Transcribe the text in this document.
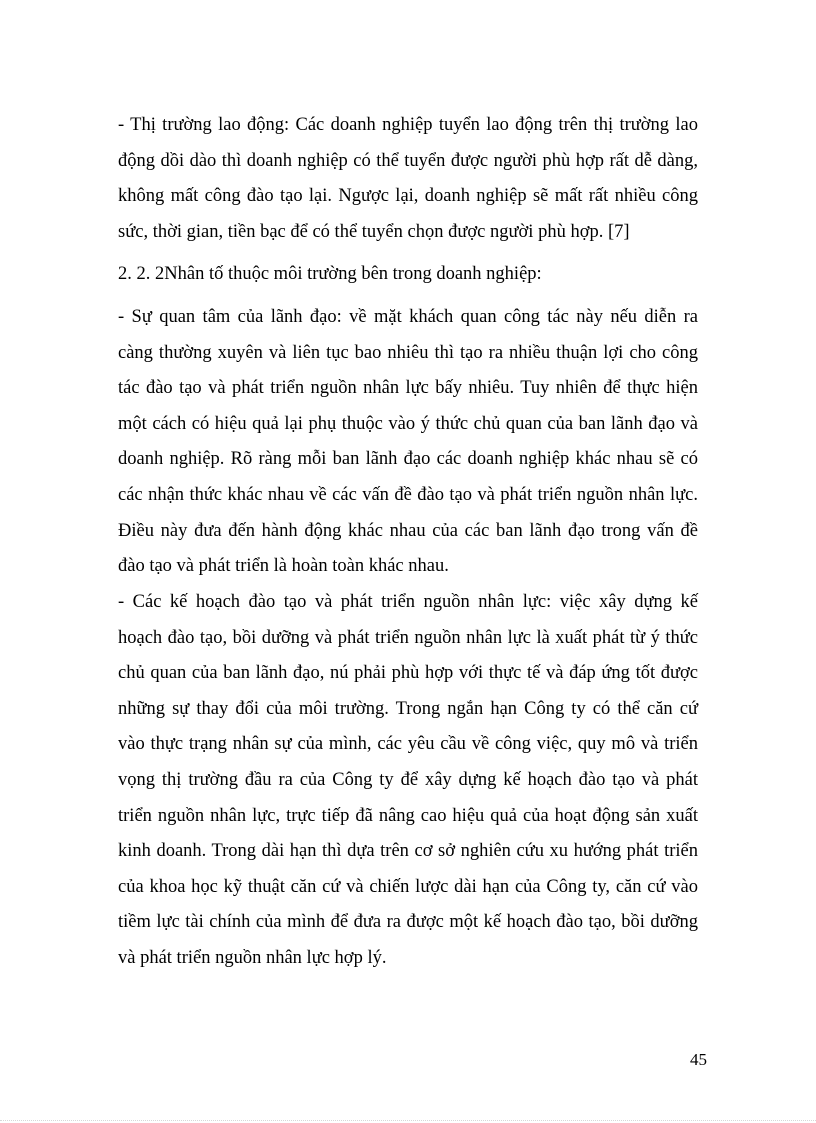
- Thị trường lao động: Các doanh nghiệp tuyển lao động trên thị trường lao
động dồi dào thì doanh nghiệp có thể tuyển được người phù hợp rất dễ dàng,
không mất công đào tạo lại. Ngược lại, doanh nghiệp sẽ mất rất nhiều công
sức, thời gian, tiền bạc để có thể tuyển chọn được người phù hợp. [7]

2. 2. 2Nhân tố thuộc môi trường bên trong doanh nghiệp:

- Sự quan tâm của lãnh đạo: về mặt khách quan công tác này nếu diễn ra
càng thường xuyên và liên tục bao nhiêu thì tạo ra nhiều thuận lợi cho công
tác đào tạo và phát triển nguồn nhân lực bấy nhiêu. Tuy nhiên để thực hiện
một cách có hiệu quả lại phụ thuộc vào ý thức chủ quan của ban lãnh đạo và
doanh nghiệp. Rõ ràng mỗi ban lãnh đạo các doanh nghiệp khác nhau sẽ có
các nhận thức khác nhau về các vấn đề đào tạo và phát triển nguồn nhân lực.
Điều này đưa đến hành động khác nhau của các ban lãnh đạo trong vấn đề
đào tạo và phát triển là hoàn toàn khác nhau.

- Các kế hoạch đào tạo và phát triển nguồn nhân lực: việc xây dựng kế
hoạch đào tạo, bồi dưỡng và phát triển nguồn nhân lực là xuất phát từ ý thức
chủ quan của ban lãnh đạo, nú phải phù hợp với thực tế và đáp ứng tốt được
những sự thay đổi của môi trường. Trong ngắn hạn Công ty có thể căn cứ
vào thực trạng nhân sự của mình, các yêu cầu về công việc, quy mô và triển
vọng thị trường đầu ra của Công ty để xây dựng kế hoạch đào tạo và phát
triển nguồn nhân lực, trực tiếp đã nâng cao hiệu quả của hoạt động sản xuất
kinh doanh. Trong dài hạn thì dựa trên cơ sở nghiên cứu xu hướng phát triển
của khoa học kỹ thuật căn cứ và chiến lược dài hạn của Công ty, căn cứ vào
tiềm lực tài chính của mình để đưa ra được một kế hoạch đào tạo, bồi dưỡng
và phát triển nguồn nhân lực hợp lý.

45
